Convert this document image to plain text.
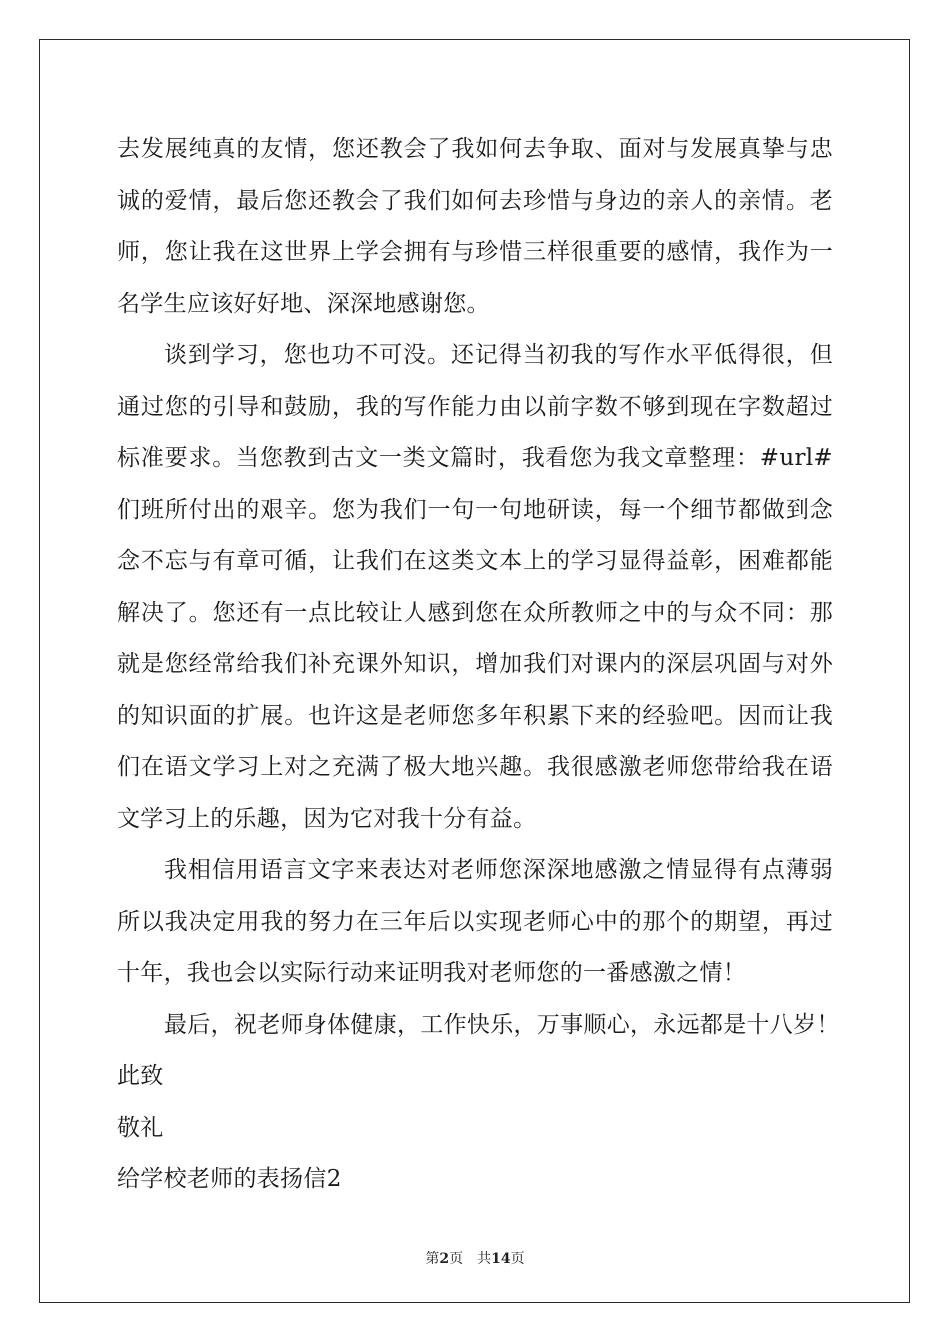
去发展纯真的友情，您还教会了我如何去争取、面对与发展真挚与忠
诚的爱情，最后您还教会了我们如何去珍惜与身边的亲人的亲情。老
师，您让我在这世界上学会拥有与珍惜三样很重要的感情，我作为一
名学生应该好好地、深深地感谢您。
谈到学习，您也功不可没。还记得当初我的写作水平低得很，但
通过您的引导和鼓励，我的写作能力由以前字数不够到现在字数超过
标准要求。当您教到古文一类文篇时，我看您为我文章整理：#url#
们班所付出的艰辛。您为我们一句一句地研读，每一个细节都做到念
念不忘与有章可循，让我们在这类文本上的学习显得益彰，困难都能
解决了。您还有一点比较让人感到您在众所教师之中的与众不同：那
就是您经常给我们补充课外知识，增加我们对课内的深层巩固与对外
的知识面的扩展。也许这是老师您多年积累下来的经验吧。因而让我
们在语文学习上对之充满了极大地兴趣。我很感激老师您带给我在语
文学习上的乐趣，因为它对我十分有益。
我相信用语言文字来表达对老师您深深地感激之情显得有点薄弱
所以我决定用我的努力在三年后以实现老师心中的那个的期望，再过
十年，我也会以实际行动来证明我对老师您的一番感激之情！
最后，祝老师身体健康，工作快乐，万事顺心，永远都是十八岁！
此致
敬礼
给学校老师的表扬信2
第2页 共14页
